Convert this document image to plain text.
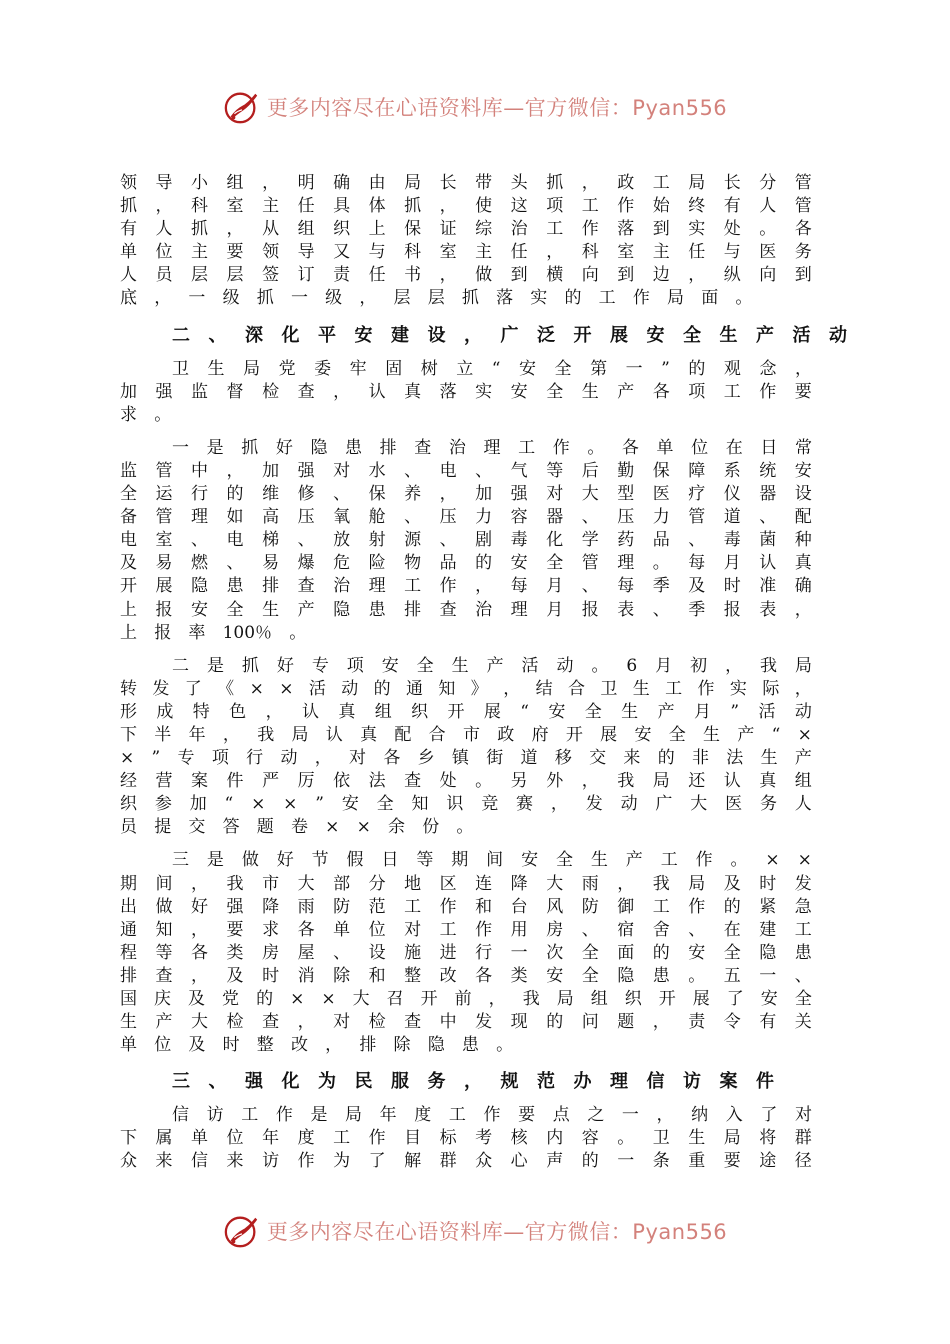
更多内容尽在心语资料库—官方微信：Pyan556
领 导 小 组 ， 明 确 由 局 长 带 头 抓 ， 政 工 局 长 分 管
抓 ， 科 室 主 任 具 体 抓 ， 使 这 项 工 作 始 终 有 人 管
有 人 抓 ， 从 组 织 上 保 证 综 治 工 作 落 到 实 处 。 各
单 位 主 要 领 导 又 与 科 室 主 任 ， 科 室 主 任 与 医 务
人 员 层 层 签 订 责 任 书 ， 做 到 横 向 到 边 ， 纵 向 到
底 ， 一 级 抓 一 级 ， 层 层 抓 落 实 的 工 作 局 面 。
二 、 深 化 平 安 建 设 ， 广 泛 开 展 安 全 生 产 活 动
卫 生 局 党 委 牢 固 树 立 “ 安 全 第 一 ” 的 观 念 ，
加 强 监 督 检 查 ， 认 真 落 实 安 全 生 产 各 项 工 作 要
求 。
一 是 抓 好 隐 患 排 查 治 理 工 作 。 各 单 位 在 日 常
监 管 中 ， 加 强 对 水 、 电 、 气 等 后 勤 保 障 系 统 安
全 运 行 的 维 修 、 保 养 ， 加 强 对 大 型 医 疗 仪 器 设
备 管 理 如 高 压 氧 舱 、 压 力 容 器 、 压 力 管 道 、 配
电 室 、 电 梯 、 放 射 源 、 剧 毒 化 学 药 品 、 毒 菌 种
及 易 燃 、 易 爆 危 险 物 品 的 安 全 管 理 。 每 月 认 真
开 展 隐 患 排 查 治 理 工 作 ， 每 月 、 每 季 及 时 准 确
上 报 安 全 生 产 隐 患 排 查 治 理 月 报 表 、 季 报 表 ，
上 报 率 100％ 。
二 是 抓 好 专 项 安 全 生 产 活 动 。 6 月 初 ， 我 局
转 发 了 《 × × 活 动 的 通 知 》 ， 结 合 卫 生 工 作 实 际 ，
形 成 特 色 ， 认 真 组 织 开 展 “ 安 全 生 产 月 ” 活 动
下 半 年 ， 我 局 认 真 配 合 市 政 府 开 展 安 全 生 产 “ ×
× ” 专 项 行 动 ， 对 各 乡 镇 街 道 移 交 来 的 非 法 生 产
经 营 案 件 严 厉 依 法 查 处 。 另 外 ， 我 局 还 认 真 组
织 参 加 “ × × ” 安 全 知 识 竞 赛 ， 发 动 广 大 医 务 人
员 提 交 答 题 卷 × × 余 份 。
三 是 做 好 节 假 日 等 期 间 安 全 生 产 工 作 。 × ×
期 间 ， 我 市 大 部 分 地 区 连 降 大 雨 ， 我 局 及 时 发
出 做 好 强 降 雨 防 范 工 作 和 台 风 防 御 工 作 的 紧 急
通 知 ， 要 求 各 单 位 对 工 作 用 房 、 宿 舍 、 在 建 工
程 等 各 类 房 屋 、 设 施 进 行 一 次 全 面 的 安 全 隐 患
排 查 ， 及 时 消 除 和 整 改 各 类 安 全 隐 患 。 五 一 、
国 庆 及 党 的 × × 大 召 开 前 ， 我 局 组 织 开 展 了 安 全
生 产 大 检 查 ， 对 检 查 中 发 现 的 问 题 ， 责 令 有 关
单 位 及 时 整 改 ， 排 除 隐 患 。
三 、 强 化 为 民 服 务 ， 规 范 办 理 信 访 案 件
信 访 工 作 是 局 年 度 工 作 要 点 之 一 ， 纳 入 了 对
下 属 单 位 年 度 工 作 目 标 考 核 内 容 。 卫 生 局 将 群
众 来 信 来 访 作 为 了 解 群 众 心 声 的 一 条 重 要 途 径
更多内容尽在心语资料库—官方微信：Pyan556
